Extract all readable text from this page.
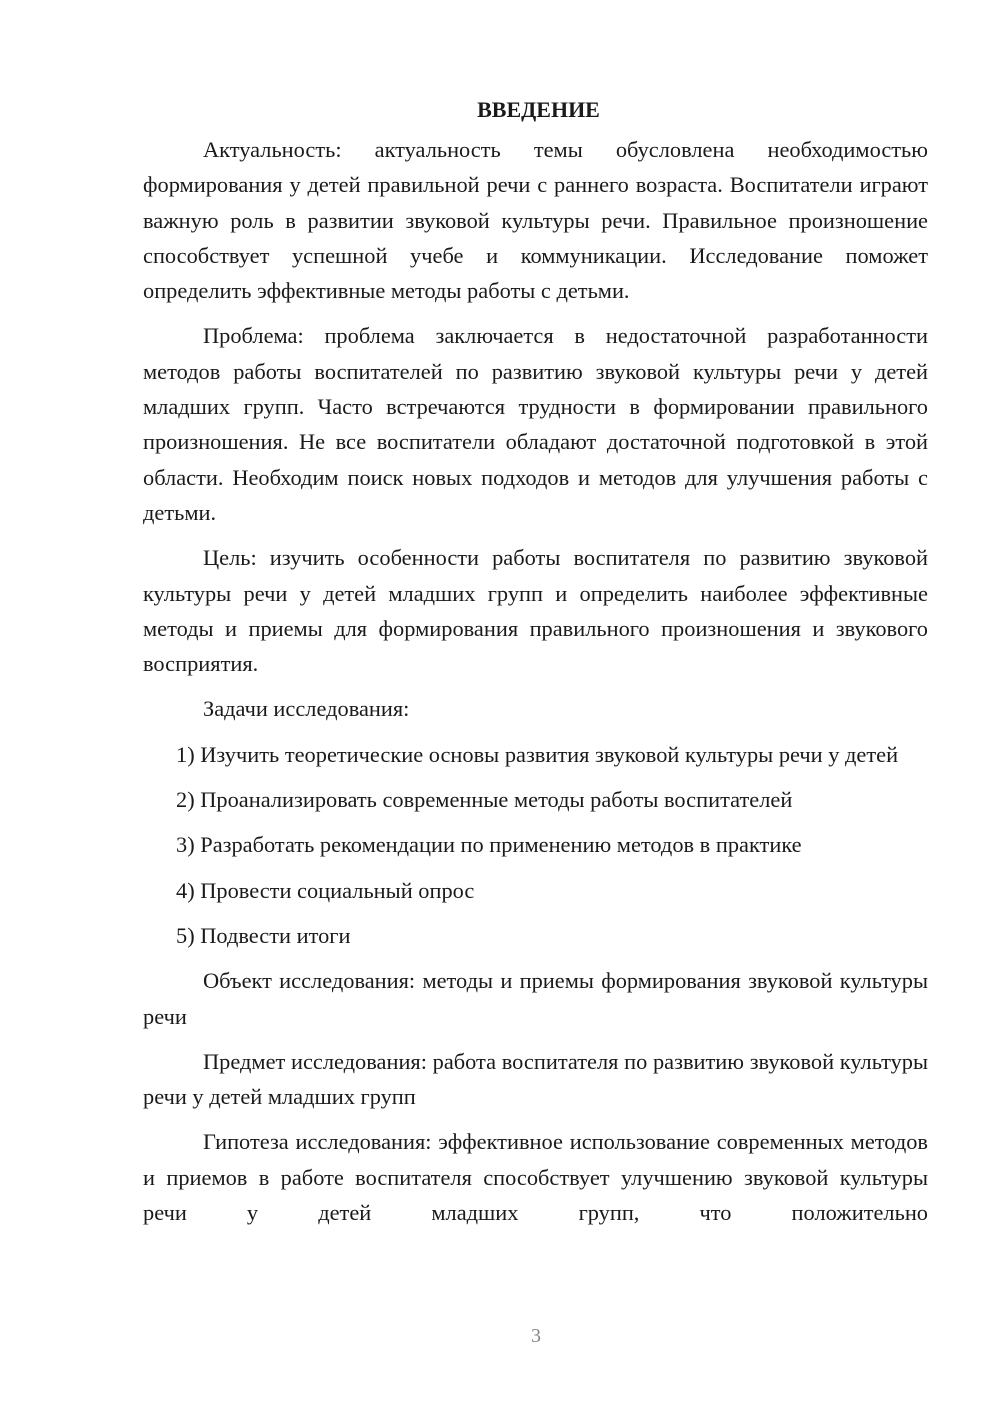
ВВЕДЕНИЕ

Актуальность: актуальность темы обусловлена необходимостью формирования у детей правильной речи с раннего возраста. Воспитатели играют важную роль в развитии звуковой культуры речи. Правильное произношение способствует успешной учебе и коммуникации. Исследование поможет определить эффективные методы работы с детьми.

Проблема: проблема заключается в недостаточной разработанности методов работы воспитателей по развитию звуковой культуры речи у детей младших групп. Часто встречаются трудности в формировании правильного произношения. Не все воспитатели обладают достаточной подготовкой в этой области. Необходим поиск новых подходов и методов для улучшения работы с детьми.

Цель: изучить особенности работы воспитателя по развитию звуковой культуры речи у детей младших групп и определить наиболее эффективные методы и приемы для формирования правильного произношения и звукового восприятия.

Задачи исследования:

1) Изучить теоретические основы развития звуковой культуры речи у детей

2) Проанализировать современные методы работы воспитателей

3) Разработать рекомендации по применению методов в практике

4) Провести социальный опрос

5) Подвести итоги

Объект исследования: методы и приемы формирования звуковой культуры речи

Предмет исследования: работа воспитателя по развитию звуковой культуры речи у детей младших групп

Гипотеза исследования: эффективное использование современных методов и приемов в работе воспитателя способствует улучшению звуковой культуры речи у детей младших групп, что положительно

3
